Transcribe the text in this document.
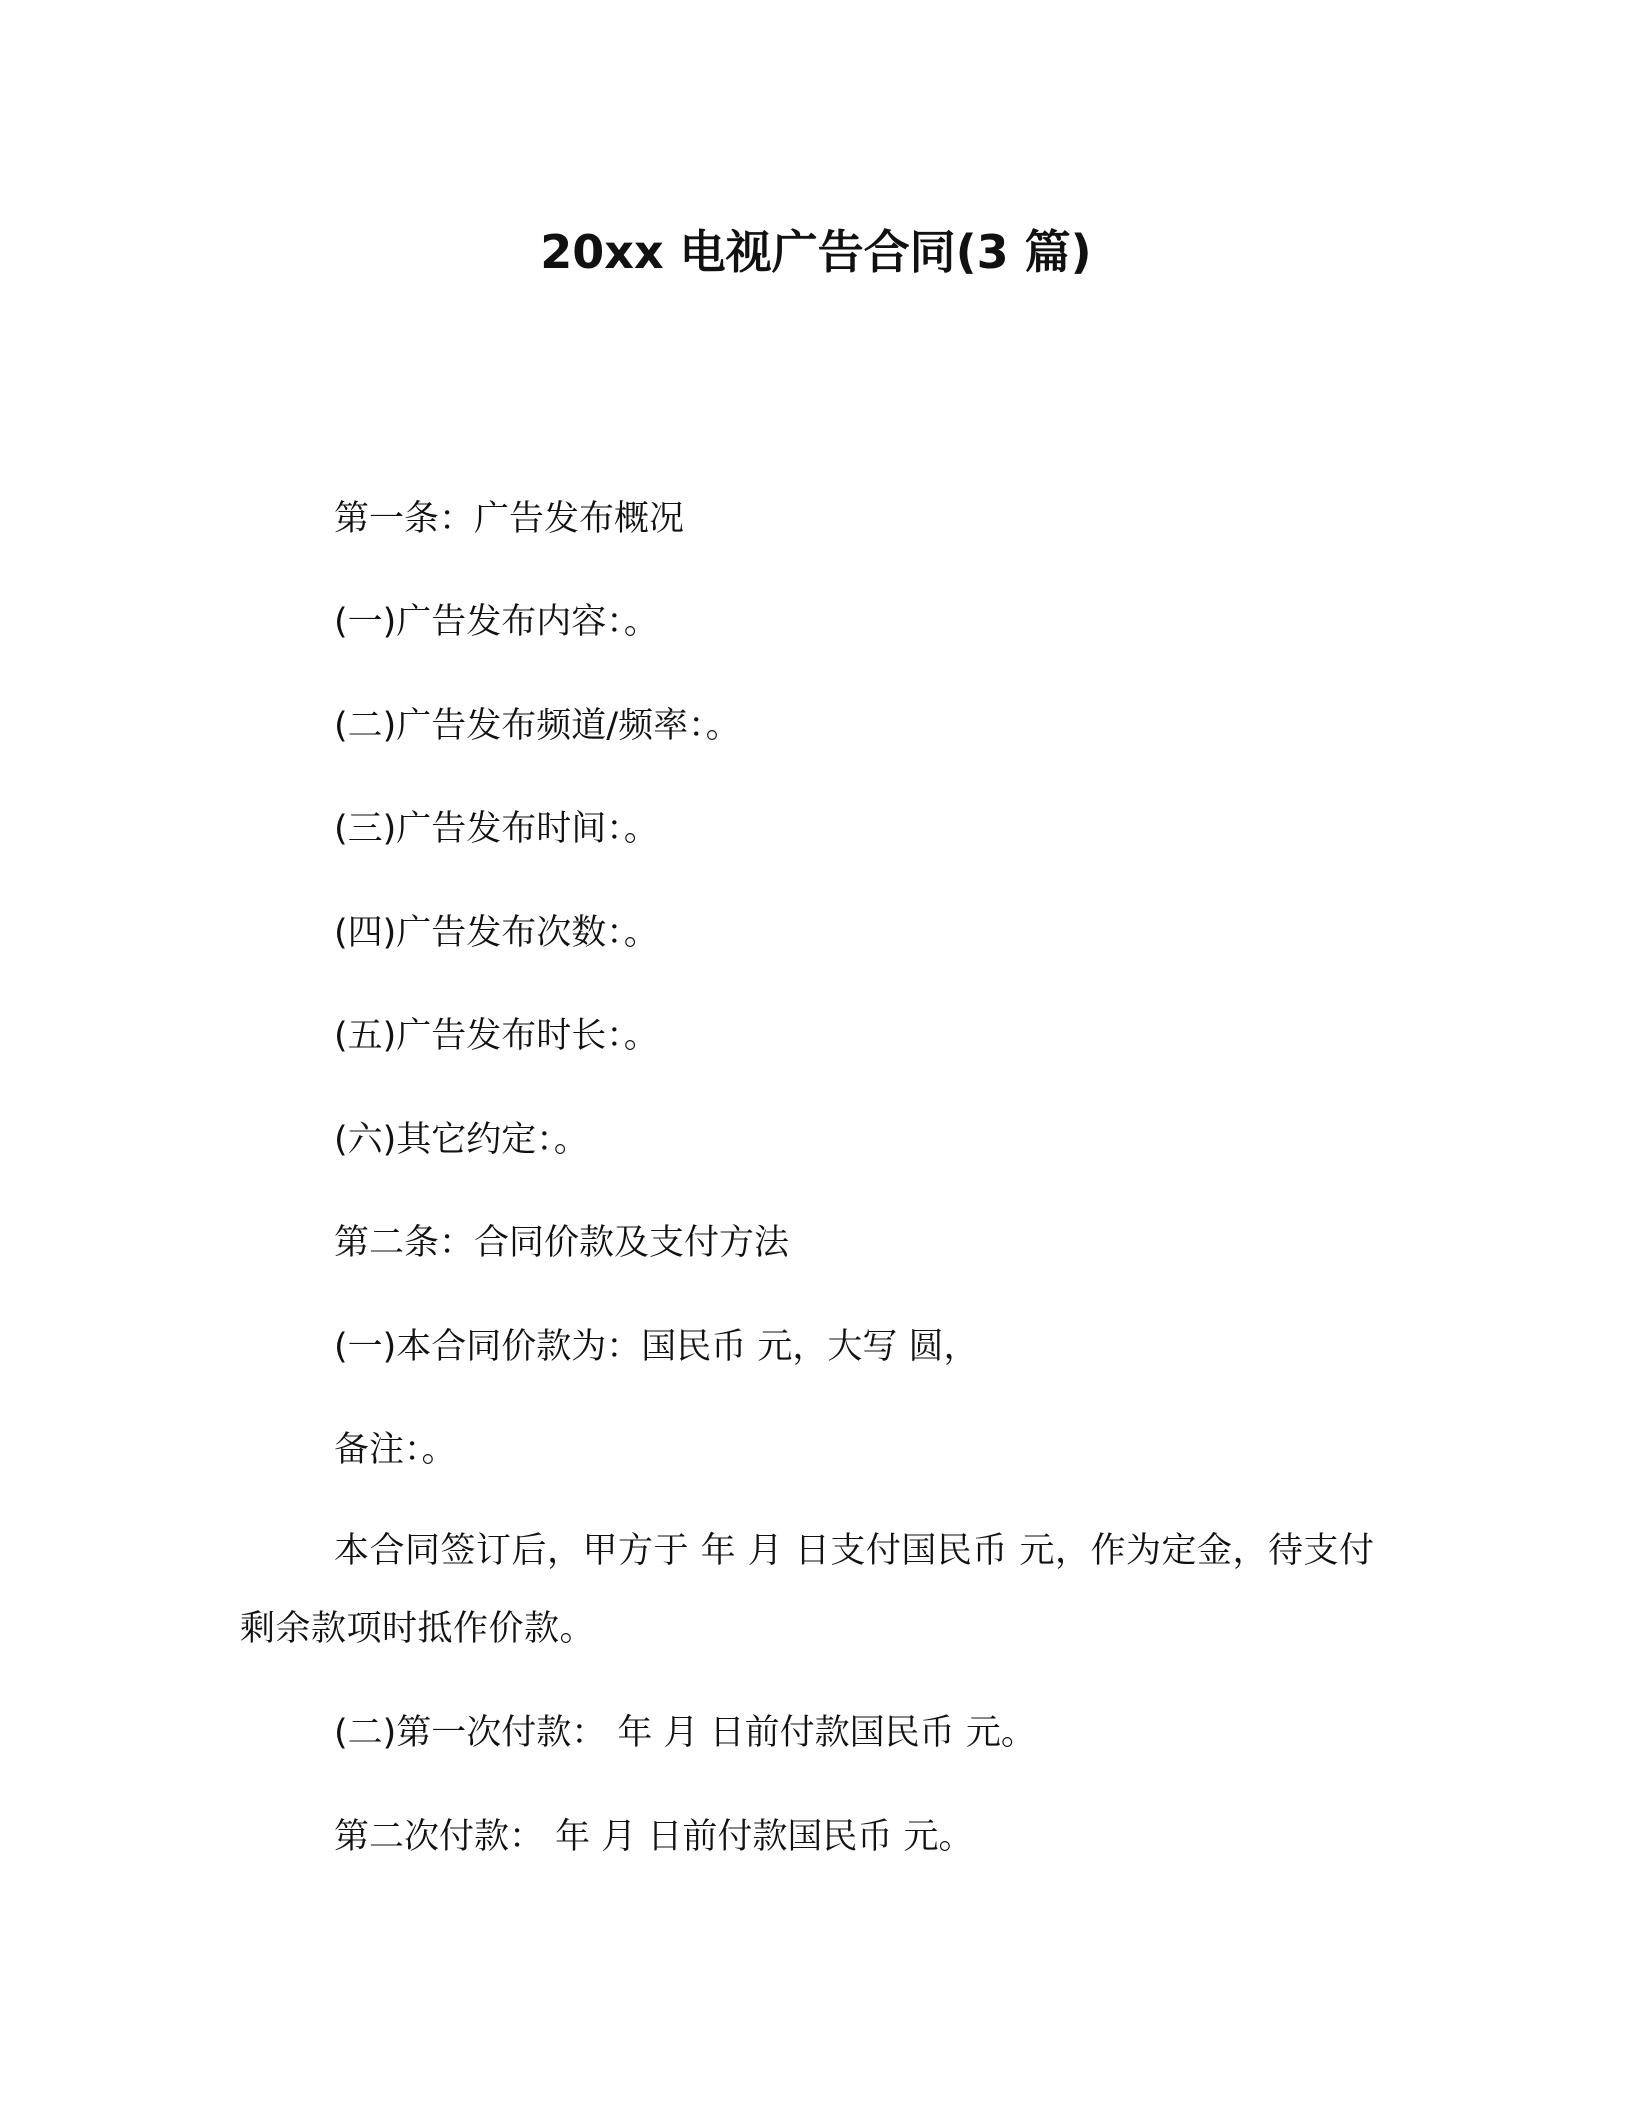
20xx 电视广告合同(3 篇)
第一条：广告发布概况
(一)广告发布内容：。
(二)广告发布频道/频率：。
(三)广告发布时间：。
(四)广告发布次数：。
(五)广告发布时长：。
(六)其它约定：。
第二条：合同价款及支付方法
(一)本合同价款为：国民币 元，大写 圆，
备注：。
本合同签订后，甲方于 年 月 日支付国民币 元，作为定金，待支付剩余款项时抵作价款。
(二)第一次付款： 年 月 日前付款国民币 元。
第二次付款： 年 月 日前付款国民币 元。
